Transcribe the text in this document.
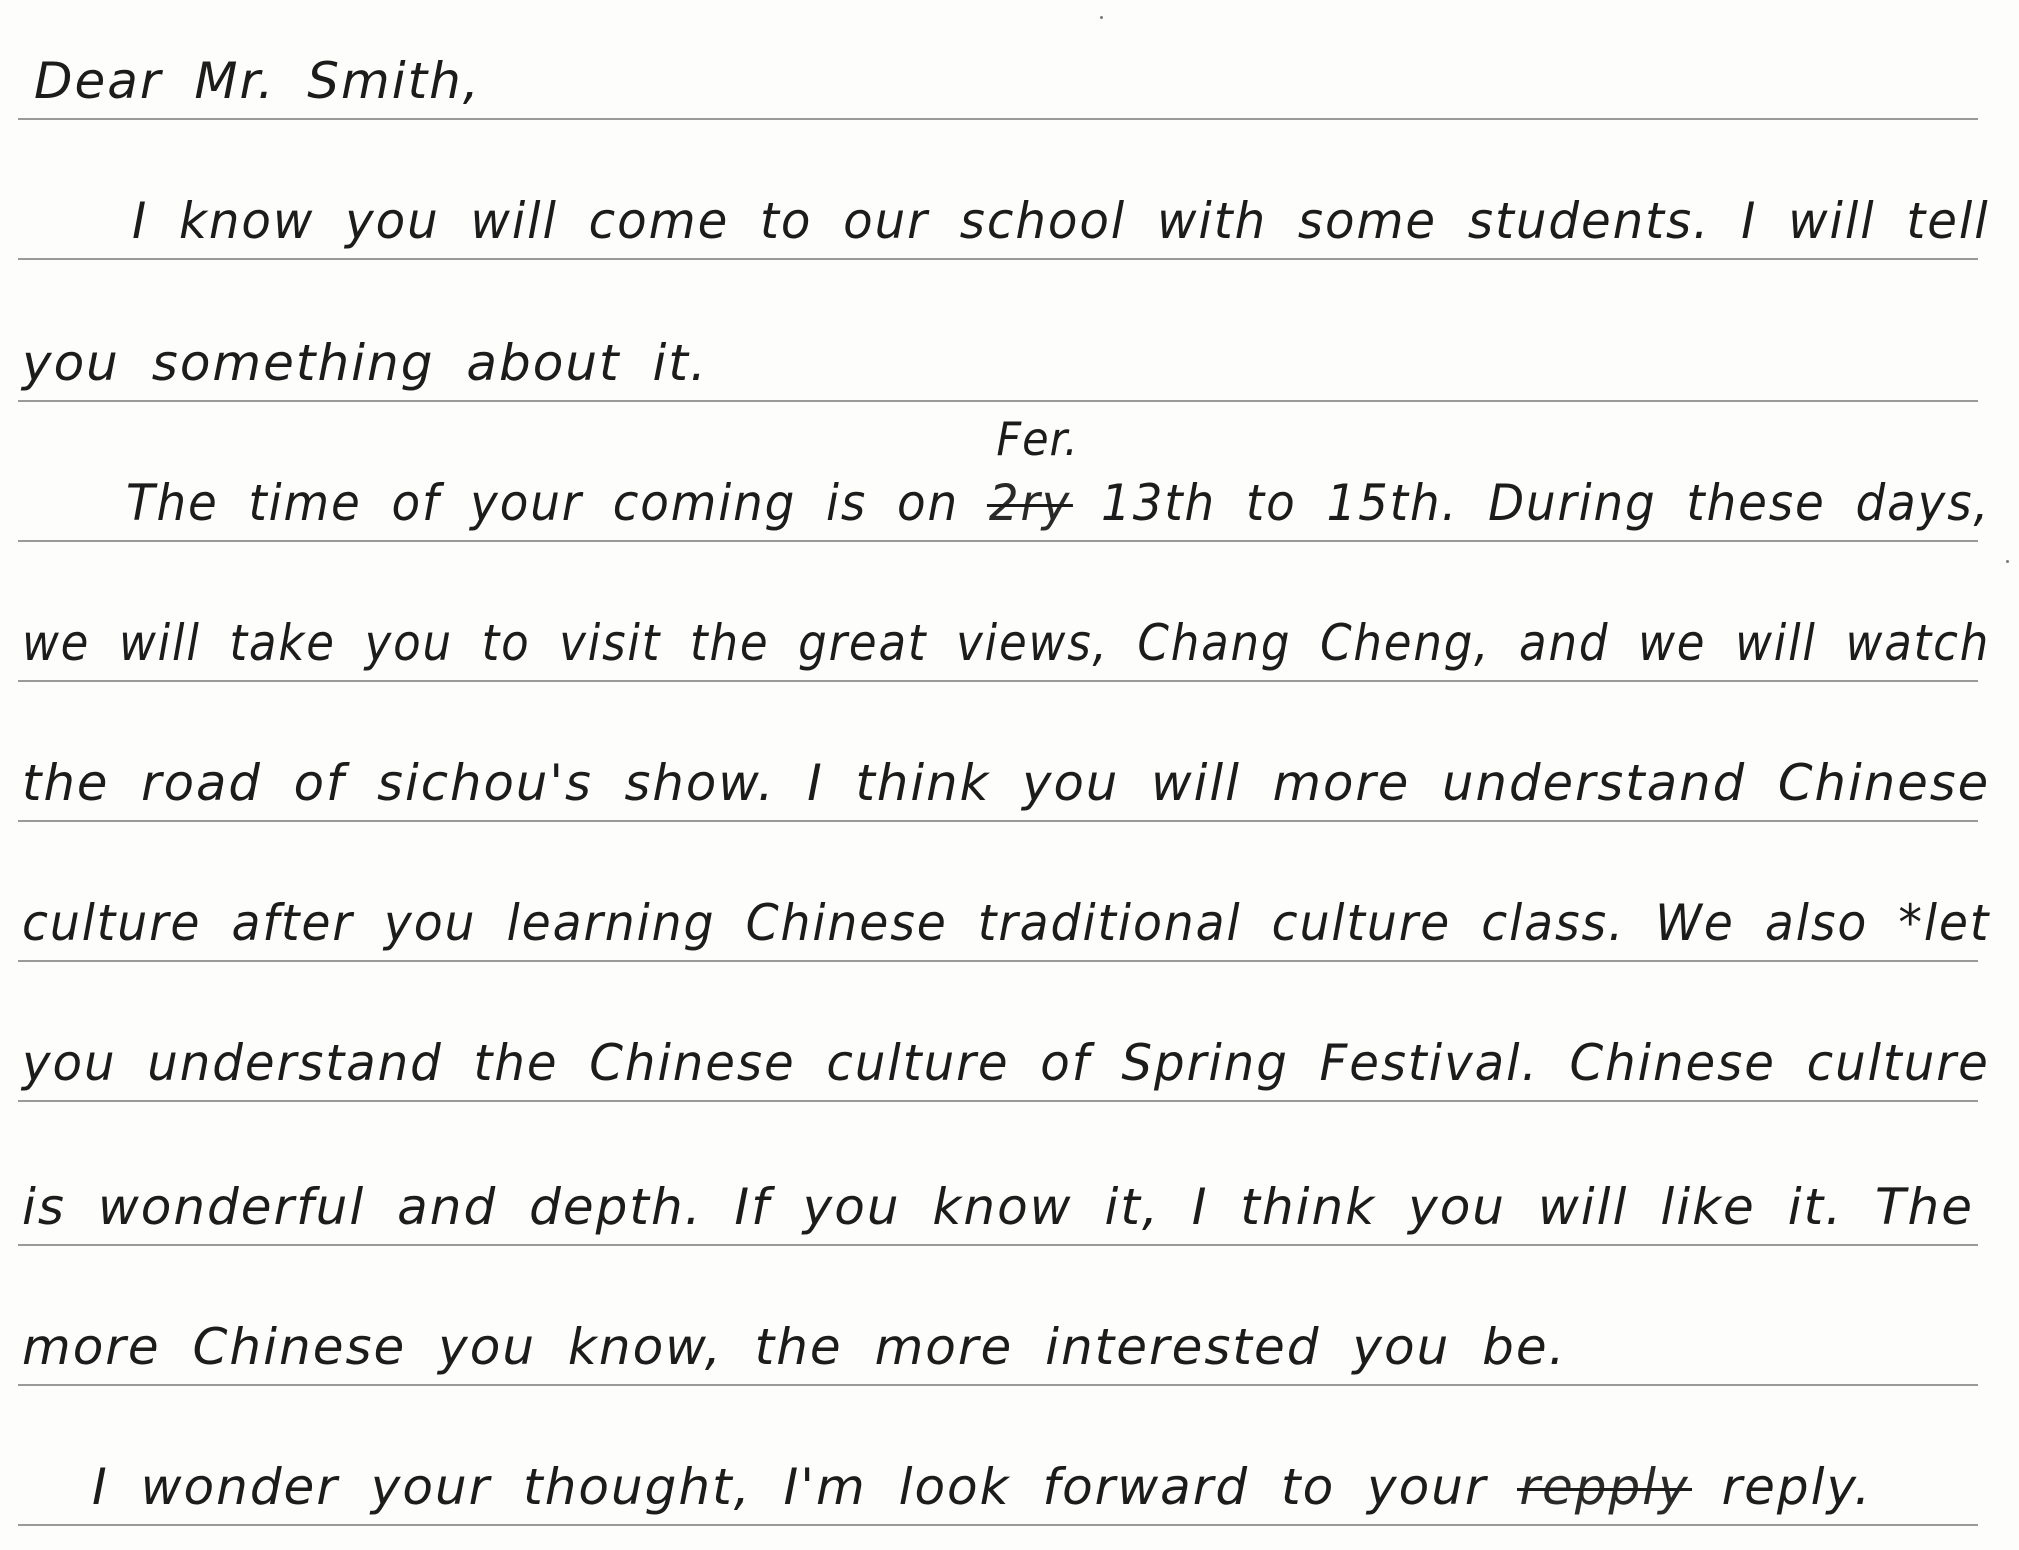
Dear Mr. Smith,
I know you will come to our school with some students. I will tell
you something about it.
The time of your coming is on 2ry
Fer.
13th to 15th. During these days,
we will take you to visit the great views, Chang Cheng, and we will watch
the road of sichou's show. I think you will more understand Chinese
culture after you learning Chinese traditional culture class. We also *let
you understand the Chinese culture of Spring Festival. Chinese culture
is wonderful and depth. If you know it, I think you will like it. The
more Chinese you know, the more interested you be.
I wonder your thought, I'm look forward to your repply reply.
